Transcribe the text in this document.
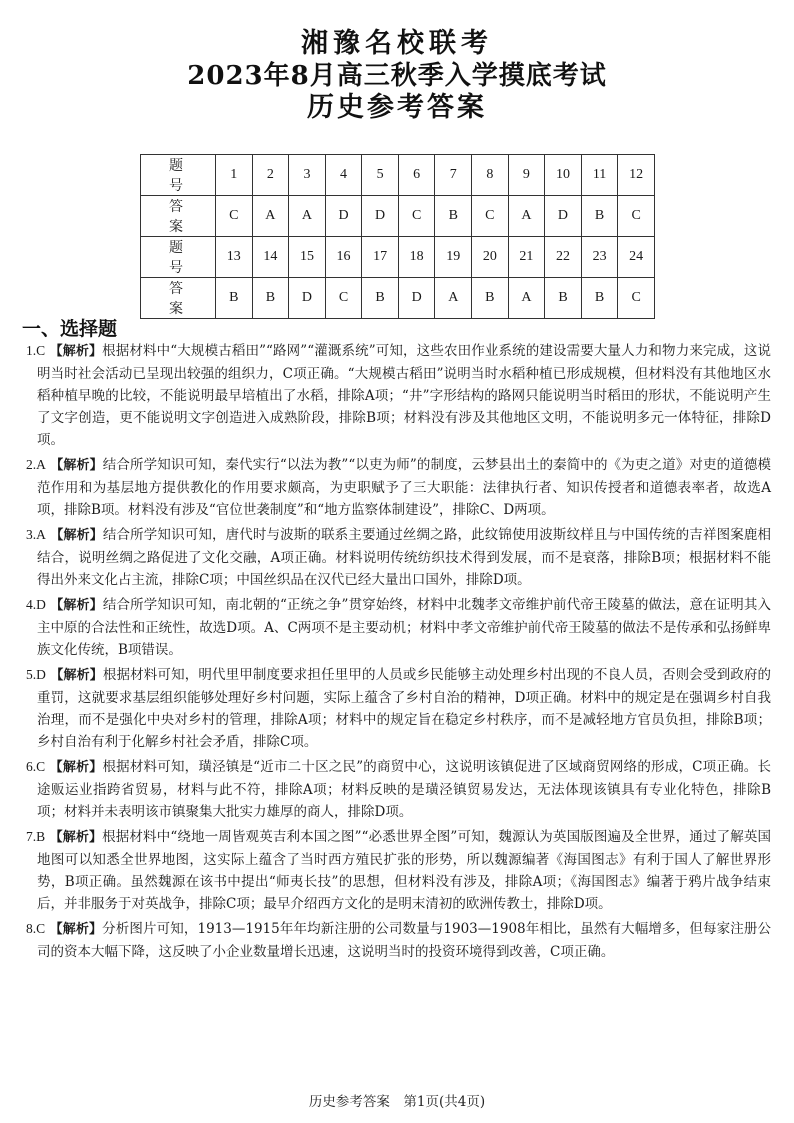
湘豫名校联考
2023年8月高三秋季入学摸底考试
历史参考答案
题　号	1	2	3	4	5	6	7	8	9	10	11	12
答　案	C	A	A	D	D	C	B	C	A	D	B	C
题　号	13	14	15	16	17	18	19	20	21	22	23	24
答　案	B	B	D	C	B	D	A	B	A	B	B	C
一、选择题

1.C 【解析】根据材料中“大规模古稻田”“路网”“灌溉系统”可知，这些农田作业系统的建设需要大量人力和物力来完成，这说明当时社会活动已呈现出较强的组织力，C项正确。“大规模古稻田”说明当时水稻种植已形成规模，但材料没有其他地区水稻种植早晚的比较，不能说明最早培植出了水稻，排除A项；“井”字形结构的路网只能说明当时稻田的形状，不能说明产生了文字创造，更不能说明文字创造进入成熟阶段，排除B项；材料没有涉及其他地区文明，不能说明多元一体特征，排除D项。

2.A 【解析】结合所学知识可知，秦代实行“以法为教”“以吏为师”的制度，云梦县出土的秦简中的《为吏之道》对吏的道德模范作用和为基层地方提供教化的作用要求颇高，为吏职赋予了三大职能：法律执行者、知识传授者和道德表率者，故选A项，排除B项。材料没有涉及“官位世袭制度”和“地方监察体制建设”，排除C、D两项。

3.A 【解析】结合所学知识可知，唐代时与波斯的联系主要通过丝绸之路，此纹锦使用波斯纹样且与中国传统的吉祥图案鹿相结合，说明丝绸之路促进了文化交融，A项正确。材料说明传统纺织技术得到发展，而不是衰落，排除B项；根据材料不能得出外来文化占主流，排除C项；中国丝织品在汉代已经大量出口国外，排除D项。

4.D 【解析】结合所学知识可知，南北朝的“正统之争”贯穿始终，材料中北魏孝文帝维护前代帝王陵墓的做法，意在证明其入主中原的合法性和正统性，故选D项。A、C两项不是主要动机；材料中孝文帝维护前代帝王陵墓的做法不是传承和弘扬鲜卑族文化传统，B项错误。

5.D 【解析】根据材料可知，明代里甲制度要求担任里甲的人员或乡民能够主动处理乡村出现的不良人员，否则会受到政府的重罚，这就要求基层组织能够处理好乡村问题，实际上蕴含了乡村自治的精神，D项正确。材料中的规定是在强调乡村自我治理，而不是强化中央对乡村的管理，排除A项；材料中的规定旨在稳定乡村秩序，而不是减轻地方官员负担，排除B项；乡村自治有利于化解乡村社会矛盾，排除C项。

6.C 【解析】根据材料可知，璜泾镇是“近市二十区之民”的商贸中心，这说明该镇促进了区域商贸网络的形成，C项正确。长途贩运业指跨省贸易，材料与此不符，排除A项；材料反映的是璜泾镇贸易发达，无法体现该镇具有专业化特色，排除B项；材料并未表明该市镇聚集大批实力雄厚的商人，排除D项。

7.B 【解析】根据材料中“绕地一周皆观英吉利本国之图”“必悉世界全图”可知，魏源认为英国版图遍及全世界，通过了解英国地图可以知悉全世界地图，这实际上蕴含了当时西方殖民扩张的形势，所以魏源编著《海国图志》有利于国人了解世界形势，B项正确。虽然魏源在该书中提出“师夷长技”的思想，但材料没有涉及，排除A项；《海国图志》编著于鸦片战争结束后，并非服务于对英战争，排除C项；最早介绍西方文化的是明末清初的欧洲传教士，排除D项。

8.C 【解析】分析图片可知，1913—1915年年均新注册的公司数量与1903—1908年相比，虽然有大幅增多，但每家注册公司的资本大幅下降，这反映了小企业数量增长迅速，这说明当时的投资环境得到改善，C项正确。

历史参考答案　第1页(共4页)
